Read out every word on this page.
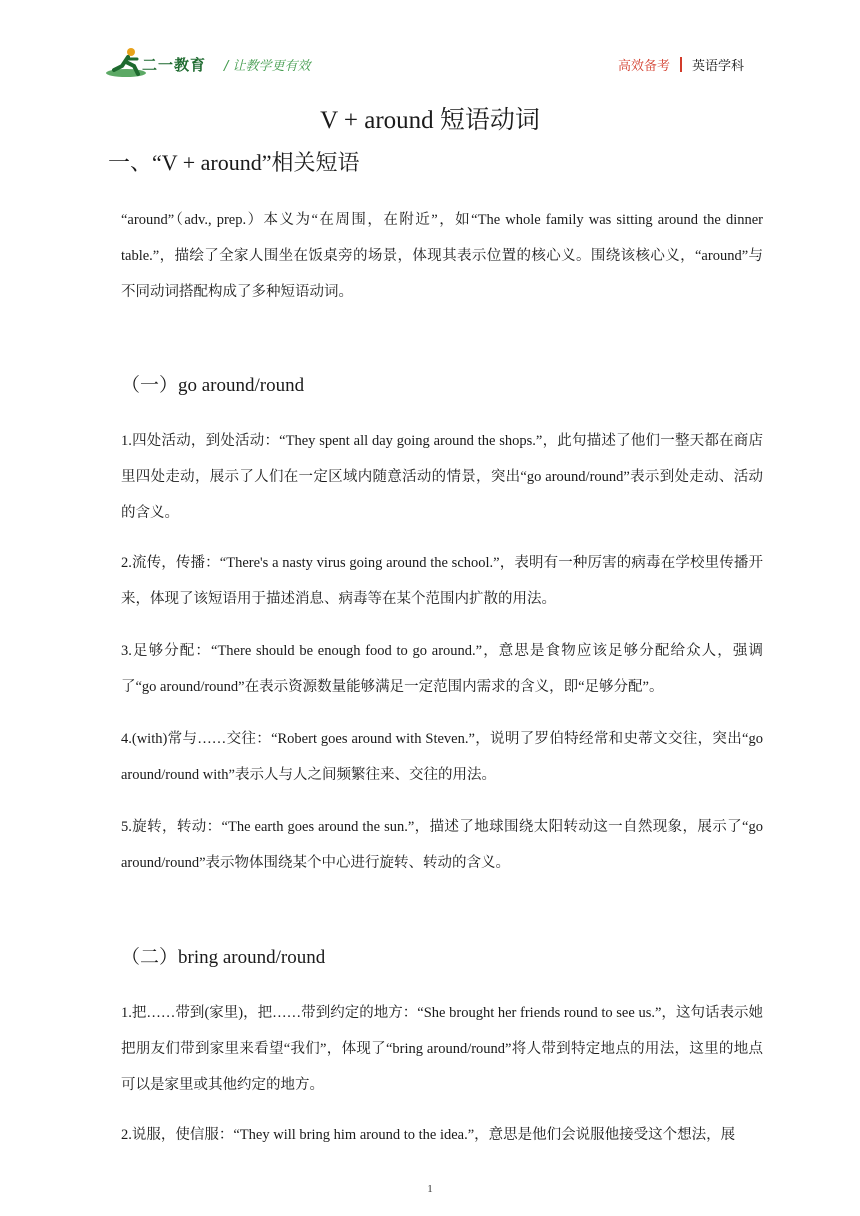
二一教育 / 让教学更有效	高效备考 英语学科
V + around 短语动词
一、“V + around”相关短语
“around”（adv., prep.）本义为“在周围，在附近”，如“The whole family was sitting around the dinner table.”，描绘了全家人围坐在饭桌旁的场景，体现其表示位置的核心义。围绕该核心义，“around”与不同动词搭配构成了多种短语动词。
（一）go around/round
1.四处活动，到处活动：“They spent all day going around the shops.”，此句描述了他们一整天都在商店里四处走动，展示了人们在一定区域内随意活动的情景，突出“go around/round”表示到处走动、活动的含义。
2.流传，传播：“There's a nasty virus going around the school.”，表明有一种厉害的病毒在学校里传播开来，体现了该短语用于描述消息、病毒等在某个范围内扩散的用法。
3.足够分配：“There should be enough food to go around.”，意思是食物应该足够分配给众人，强调了“go around/round”在表示资源数量能够满足一定范围内需求的含义，即“足够分配”。
4.(with)常与……交往：“Robert goes around with Steven.”，说明了罗伯特经常和史蒂文交往，突出“go around/round with”表示人与人之间频繁往来、交往的用法。
5.旋转，转动：“The earth goes around the sun.”，描述了地球围绕太阳转动这一自然现象，展示了“go around/round”表示物体围绕某个中心进行旋转、转动的含义。
（二）bring around/round
1.把……带到(家里)，把……带到约定的地方：“She brought her friends round to see us.”，这句话表示她把朋友们带到家里来看望“我们”，体现了“bring around/round”将人带到特定地点的用法，这里的地点可以是家里或其他约定的地方。
2.说服，使信服：“They will bring him around to the idea.”，意思是他们会说服他接受这个想法，展
1
